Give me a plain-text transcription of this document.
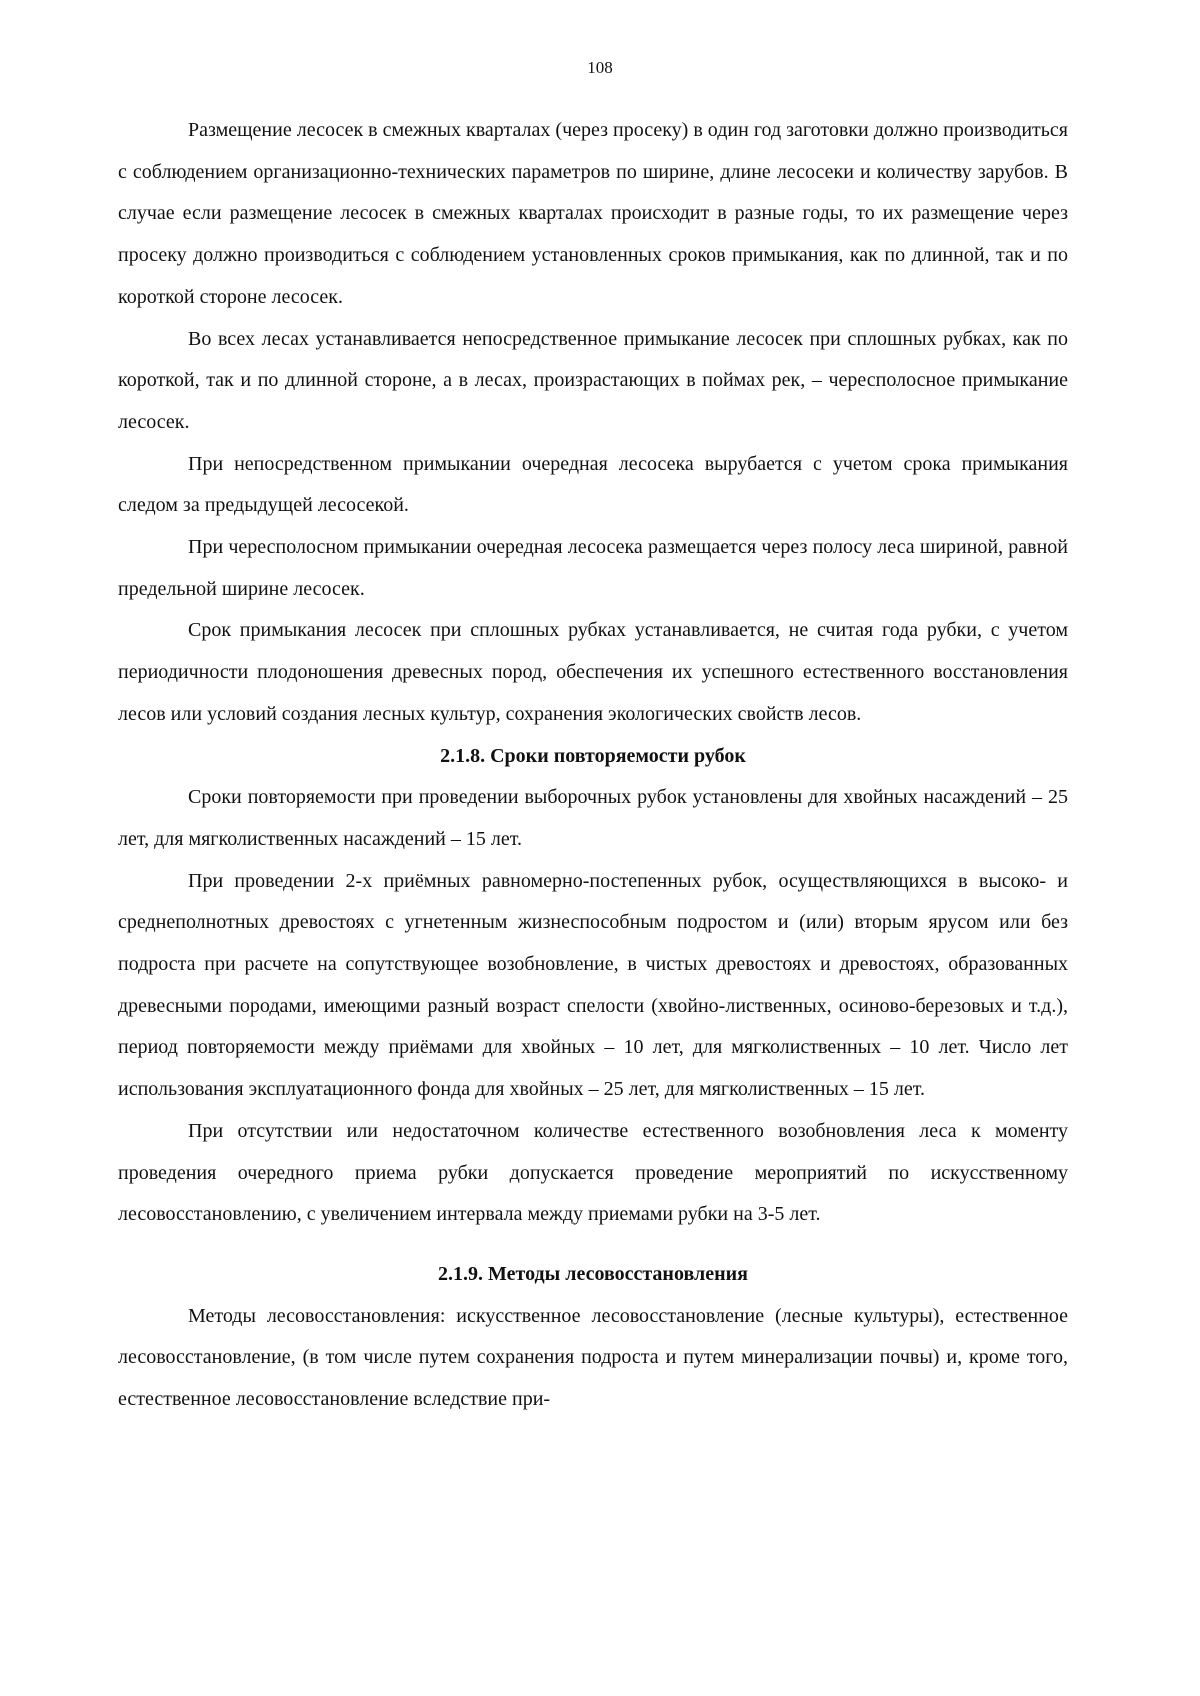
108

Размещение лесосек в смежных кварталах (через просеку) в один год заготовки должно производиться с соблюдением организационно-технических параметров по ширине, длине лесосеки и количеству зарубов. В случае если размещение лесосек в смежных кварталах происходит в разные годы, то их размещение через просеку должно производиться с соблюдением установленных сроков примыкания, как по длинной, так и по короткой стороне лесосек.

Во всех лесах устанавливается непосредственное примыкание лесосек при сплошных рубках, как по короткой, так и по длинной стороне, а в лесах, произрастающих в поймах рек, – чересполосное примыкание лесосек.

При непосредственном примыкании очередная лесосека вырубается с учетом срока примыкания следом за предыдущей лесосекой.

При чересполосном примыкании очередная лесосека размещается через полосу леса шириной, равной предельной ширине лесосек.

Срок примыкания лесосек при сплошных рубках устанавливается, не считая года рубки, с учетом периодичности плодоношения древесных пород, обеспечения их успешного естественного восстановления лесов или условий создания лесных культур, сохранения экологических свойств лесов.

2.1.8. Сроки повторяемости рубок

Сроки повторяемости при проведении выборочных рубок установлены для хвойных насаждений – 25 лет, для мягколиственных насаждений – 15 лет.

При проведении 2-х приёмных равномерно-постепенных рубок, осуществляющихся в высоко- и среднеполнотных древостоях с угнетенным жизнеспособным подростом и (или) вторым ярусом или без подроста при расчете на сопутствующее возобновление, в чистых древостоях и древостоях, образованных древесными породами, имеющими разный возраст спелости (хвойно-лиственных, осиново-березовых и т.д.), период повторяемости между приёмами для хвойных – 10 лет, для мягколиственных – 10 лет. Число лет использования эксплуатационного фонда для хвойных – 25 лет, для мягколиственных – 15 лет.

При отсутствии или недостаточном количестве естественного возобновления леса к моменту проведения очередного приема рубки допускается проведение мероприятий по искусственному лесовосстановлению, с увеличением интервала между приемами рубки на 3-5 лет.

2.1.9. Методы лесовосстановления

Методы лесовосстановления: искусственное лесовосстановление (лесные культуры), естественное лесовосстановление, (в том числе путем сохранения подроста и путем минерализации почвы) и, кроме того, естественное лесовосстановление вследствие при-
